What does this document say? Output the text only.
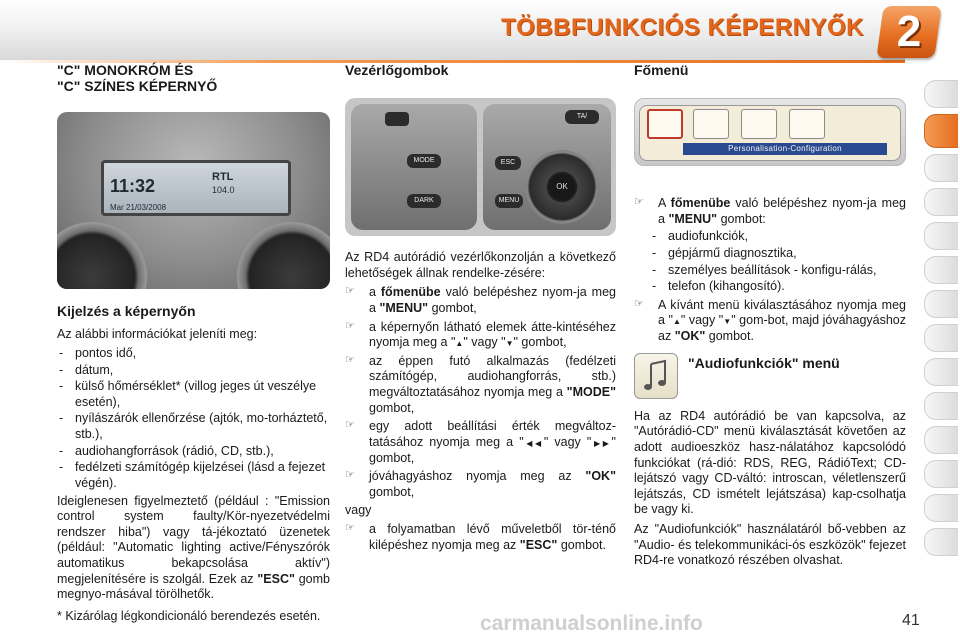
TÖBBFUNKCIÓS KÉPERNYŐK 2
"C" MONOKRÓM ÉS
"C" SZÍNES KÉPERNYŐ
11:32	RTL
104.0
Mar 21/03/2008
Kijelzés a képernyőn

Az alábbi információkat jeleníti meg:

- pontos idő,
- dátum,
- külső hőmérséklet* (villog jeges út veszélye esetén),
- nyílászárók ellenőrzése (ajtók, mo-torháztető, stb.),
- audiohangforrások (rádió, CD, stb.),
- fedélzeti számítógép kijelzései (lásd a fejezet végén).

Ideiglenesen figyelmeztető (például : "Emission control system faulty/Kör-nyezetvédelmi rendszer hiba") vagy tá-jékoztató üzenetek (például: "Automatic lighting active/Fényszórók automatikus bekapcsolása aktív") megjelenítésére is szolgál. Ezek az "ESC" gomb megnyo-másával törölhetők.

* Kizárólag légkondicionáló berendezés esetén.

Vezérlőgombok
MODE
DARK
ESC
MENU
TA/
OK

Az RD4 autórádió vezérlőkonzolján a következő lehetőségek állnak rendelke-zésére:

☞ a főmenübe való belépéshez nyom-ja meg a "MENU" gombot,
☞ a képernyőn látható elemek átte-kintéséhez nyomja meg a "▲" vagy "▼" gombot,
☞ az éppen futó alkalmazás (fedélzeti számítógép, audiohangforrás, stb.) megváltoztatásához nyomja meg a "MODE" gombot,
☞ egy adott beállítási érték megváltoz-tatásához nyomja meg a "◀◀" vagy "▶▶" gombot,
☞ jóváhagyáshoz nyomja meg az "OK" gombot,

vagy

☞ a folyamatban lévő műveletből tör-ténő kilépéshez nyomja meg az "ESC" gombot.
Főmenü
Personalisation-Configuration
☞ A főmenübe való belépéshez nyom-ja meg a "MENU" gombot:
- audiofunkciók,
- gépjármű diagnosztika,
- személyes beállítások - konfigu-rálás,
- telefon (kihangosító).
☞ A kívánt menü kiválasztásához nyomja meg a "▲" vagy "▼" gom-bot, majd jóváhagyáshoz az "OK" gombot.
"Audiofunkciók" menü

Ha az RD4 autórádió be van kapcsolva, az "Autórádió-CD" menü kiválasztását követően az adott audioeszköz hasz-nálatához kapcsolódó funkciókat (rá-dió: RDS, REG, RádióText; CD-lejátszó vagy CD-váltó: introscan, véletlenszerű lejátszás, CD ismételt lejátszása) kap-csolhatja be vagy ki.

Az "Audiofunkciók" használatáról bő-vebben az "Audio- és telekommunikáci-ós eszközök" fejezet RD4-re vonatkozó részében olvashat.

carmanualsonline.info	41
